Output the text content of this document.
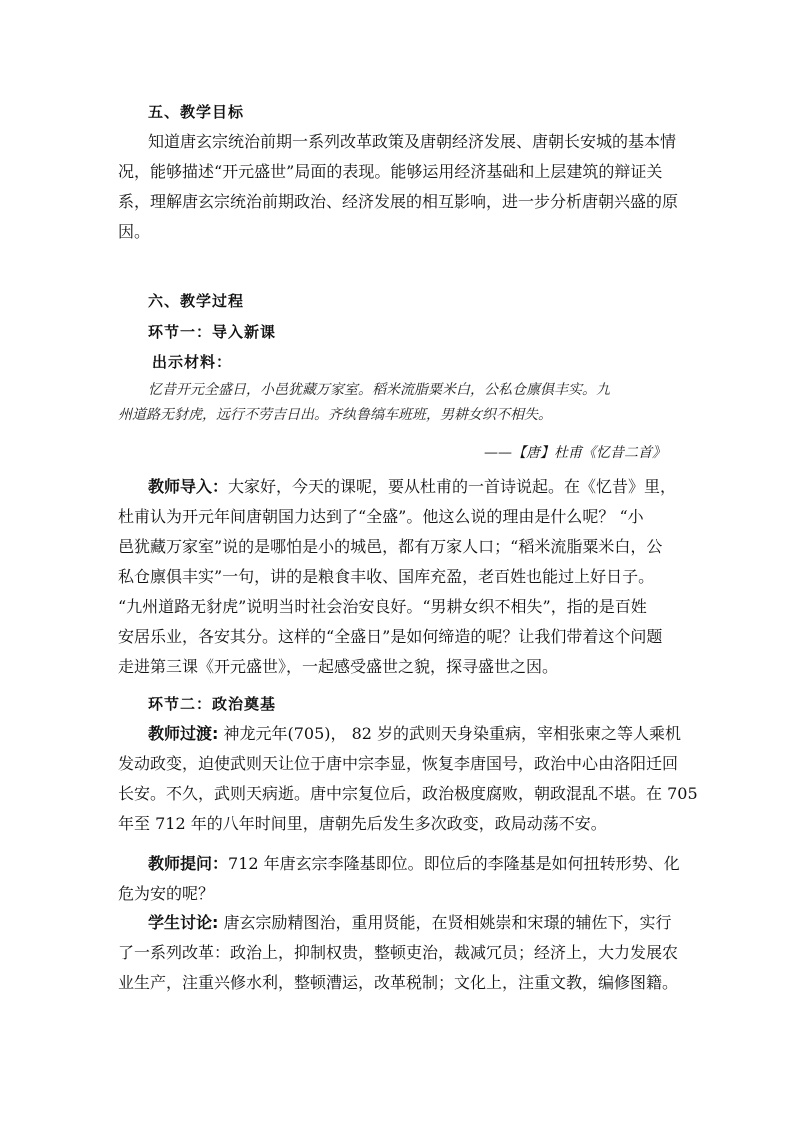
五、教学目标
知道唐玄宗统治前期一系列改革政策及唐朝经济发展、唐朝长安城的基本情
况，能够描述“开元盛世”局面的表现。能够运用经济基础和上层建筑的辩证关
系，理解唐玄宗统治前期政治、经济发展的相互影响，进一步分析唐朝兴盛的原
因。
六、教学过程
环节一：导入新课
出示材料：
忆昔开元全盛日，小邑犹藏万家室。稻米流脂粟米白，公私仓廪俱丰实。九
州道路无豺虎，远行不劳吉日出。齐纨鲁缟车班班，男耕女织不相失。
——【唐】杜甫《忆昔二首》
教师导入：大家好，今天的课呢，要从杜甫的一首诗说起。在《忆昔》里，
杜甫认为开元年间唐朝国力达到了“全盛”。他这么说的理由是什么呢？ “小
邑犹藏万家室”说的是哪怕是小的城邑，都有万家人口；“稻米流脂粟米白，公
私仓廪俱丰实”一句，讲的是粮食丰收、国库充盈，老百姓也能过上好日子。
“九州道路无豺虎”说明当时社会治安良好。“男耕女织不相失”，指的是百姓
安居乐业，各安其分。这样的“全盛日”是如何缔造的呢？让我们带着这个问题
走进第三课《开元盛世》，一起感受盛世之貌，探寻盛世之因。
环节二：政治奠基
教师过渡: 神龙元年(705)， 82 岁的武则天身染重病，宰相张柬之等人乘机
发动政变，迫使武则天让位于唐中宗李显，恢复李唐国号，政治中心由洛阳迁回
长安。不久，武则天病逝。唐中宗复位后，政治极度腐败，朝政混乱不堪。在 705
年至 712 年的八年时间里，唐朝先后发生多次政变，政局动荡不安。
教师提问：712 年唐玄宗李隆基即位。即位后的李隆基是如何扭转形势、化
危为安的呢？
学生讨论: 唐玄宗励精图治，重用贤能，在贤相姚崇和宋璟的辅佐下，实行
了一系列改革：政治上，抑制权贵，整顿吏治，裁减冗员；经济上，大力发展农
业生产，注重兴修水利，整顿漕运，改革税制；文化上，注重文教，编修图籍。
